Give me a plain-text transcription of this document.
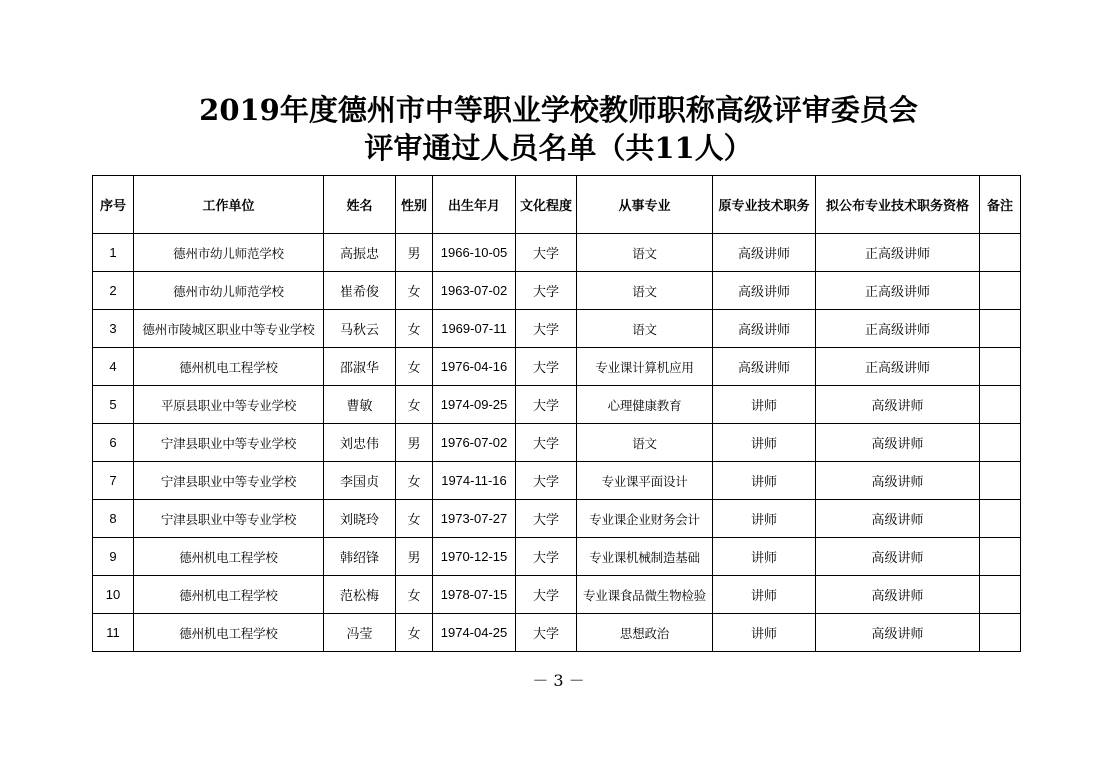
2019年度德州市中等职业学校教师职称高级评审委员会
评审通过人员名单（共11人）
序号	工作单位	姓名	性别	出生年月	文化程度	从事专业	原专业技术职务	拟公布专业技术职务资格	备注
1	德州市幼儿师范学校	高振忠	男	1966-10-05	大学	语文	高级讲师	正高级讲师	
2	德州市幼儿师范学校	崔希俊	女	1963-07-02	大学	语文	高级讲师	正高级讲师	
3	德州市陵城区职业中等专业学校	马秋云	女	1969-07-11	大学	语文	高级讲师	正高级讲师	
4	德州机电工程学校	邵淑华	女	1976-04-16	大学	专业课计算机应用	高级讲师	正高级讲师	
5	平原县职业中等专业学校	曹敏	女	1974-09-25	大学	心理健康教育	讲师	高级讲师	
6	宁津县职业中等专业学校	刘忠伟	男	1976-07-02	大学	语文	讲师	高级讲师	
7	宁津县职业中等专业学校	李国贞	女	1974-11-16	大学	专业课平面设计	讲师	高级讲师	
8	宁津县职业中等专业学校	刘晓玲	女	1973-07-27	大学	专业课企业财务会计	讲师	高级讲师	
9	德州机电工程学校	韩绍锋	男	1970-12-15	大学	专业课机械制造基础	讲师	高级讲师	
10	德州机电工程学校	范松梅	女	1978-07-15	大学	专业课食品微生物检验	讲师	高级讲师	
11	德州机电工程学校	冯莹	女	1974-04-25	大学	思想政治	讲师	高级讲师	
－ 3 －
